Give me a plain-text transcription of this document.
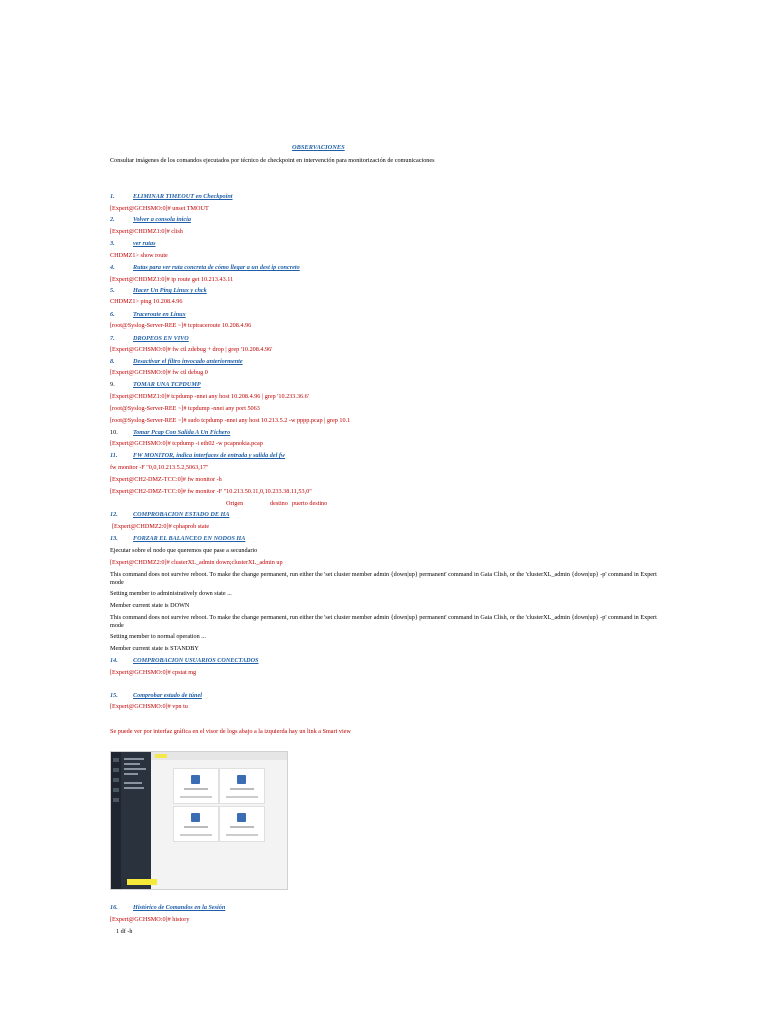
OBSERVACIONES
Consultar imágenes de los comandos ejecutados por técnico de checkpoint en intervención para monitorización de comunicaciones
1.	ELIMINAR TIMEOUT en Checkpoint
[Expert@GCHSMO:0]# unset TMOUT
2.	Volver a consola inicia
[Expert@CHDMZ1:0]# clish
3.	ver rutas
CHDMZ1> show route
4.	Rutas para ver ruta concreta de cómo llegar a un dest ip concreto
[Expert@CHDMZ1:0]# ip route get 10.213.43.11
5.	Hacer Un Ping Linux y chck
CHDMZ1> ping 10.208.4.96
6.	Traceroute en Linux
[root@Syslog-Server-REE ~]# tcptraceroute 10.208.4.96
7.	DROPEOS EN VIVO
[Expert@GCHSMO:0]# fw ctl zdebug + drop | grep '10.208.4.96'
8.	Desactivar el filtro invocado anteriormente
[Expert@GCHSMO:0]# fw ctl debug 0
9.	TOMAR UNA TCPDUMP
[Expert@CHDMZ1:0]# tcpdump -nnei any host 10.208.4.96 | grep '10.233.36.6'
[root@Syslog-Server-REE ~]# tcpdump -nnei any port 5063
[root@Syslog-Server-REE ~]# sudo tcpdump -nnei any host 10.213.5.2 -w pppp.pcap | grep 10.1
10. Tomar Pcap Con Salida A Un Fichero
[Expert@GCHSMO:0]# tcpdump -i eth02 -w pcapnokia.pcap
11.	FW MONITOR, indica interfaces de entrada y salida del fw
fw monitor -F "0,0,10.213.5.2,5063,17"
[Expert@CH2-DMZ-TCC:0]# fw monitor -h
[Expert@CH2-DMZ-TCC:0]# fw monitor -F "10.213.50.11,0,10.233.38.11,53,0"
Origen	destino puerto destino
12. COMPROBACION ESTADO DE HA
[Expert@CHDMZ2:0]# cphaprob state
13. FORZAR EL BALANCEO EN NODOS HA
Ejecutar sobre el nodo que queremos que pase a secundario
[Expert@CHDMZ2:0]# clusterXL_admin down;clusterXL_admin up
This command does not survive reboot. To make the change permanent, run either the 'set cluster member admin {down|up} permanent' command in Gaia Clish, or the 'clusterXL_admin {down|up} -p' command in Expert mode
Setting member to administratively down state ...
Member current state is DOWN
This command does not survive reboot. To make the change permanent, run either the 'set cluster member admin {down|up} permanent' command in Gaia Clish, or the 'clusterXL_admin {down|up} -p' command in Expert mode
Setting member to normal operation ...
Member current state is STANDBY
14. COMPROBACION USUARIOS CONECTADOS
[Expert@GCHSMO:0]# cpstat mg
15. Comprobar estado de túnel
[Expert@GCHSMO:0]# vpn tu
Se puede ver por interfaz gráfica en el visor de logs abajo a la izquierda hay un link a Smart view
16. Histórico de Comandos en la Sesión
[Expert@GCHSMO:0]# history
1 df -h
